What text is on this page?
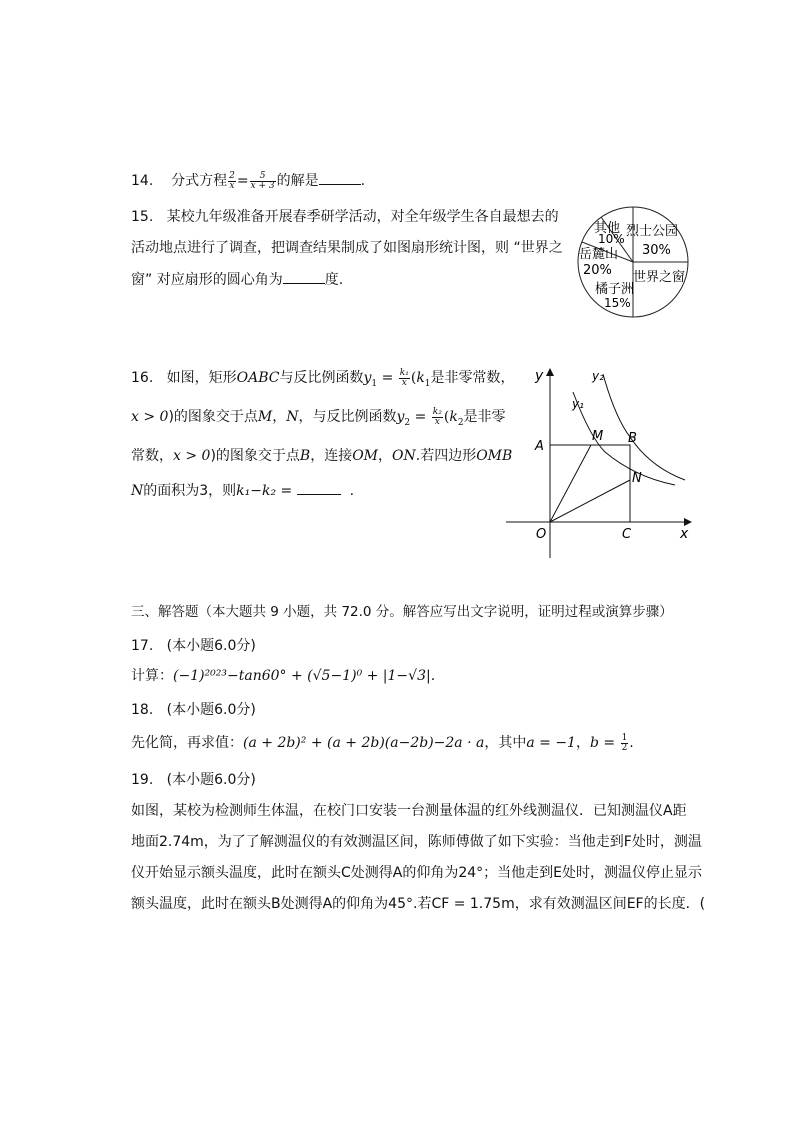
14. 分式方程 $\frac{2}{x} = \frac{5}{x + 3}$ 的解是	.
15. 某校九年级准备开展春季研学活动，对全年级学生各自最想去的
活动地点进行了调查，把调查结果制成了如图扇形统计图，则 “世界之
窗” 对应扇形的圆心角为	度.
其他
10% 烈士公园
30%
岳麓山
20% 世界之窗
橘子洲
15%
16. 如图，矩形OABC与反比例函数$y_1 = \frac{\text{k₁}}{x} (k_1$是非零常数，
x > 0)的图象交于点M，N，与反比例函数$y_2 = \frac{\text{k₂}}{x} (k_2$是非零
常数，x > 0)的图象交于点B，连接OM，ON.若四边形OMB
N的面积为3，则k₁−k₂ =	.
y
x
y₁
y₂
A
M B
N
O	C
三、解答题（本大题共 9 小题，共 72.0 分。解答应写出文字说明，证明过程或演算步骤）
17. (本小题6.0分)
计算：(−1)²⁰²³−tan60° + (√5−1)⁰ + |1−√3|.
18. (本小题6.0分)
先化简，再求值：(a + 2b)² + (a + 2b)(a−2b)−2a · a，其中a = −1，$b = \frac{1}{2}$ .
19. (本小题6.0分)
如图，某校为检测师生体温，在校门口安装一台测量体温的红外线测温仪．已知测温仪A距
地面2.74m，为了了解测温仪的有效测温区间，陈师傅做了如下实验：当他走到F处时，测温
仪开始显示额头温度，此时在额头C处测得A的仰角为24°；当他走到E处时，测温仪停止显示
额头温度，此时在额头B处测得A的仰角为45°.若CF = 1.75m，求有效测温区间EF的长度．(
